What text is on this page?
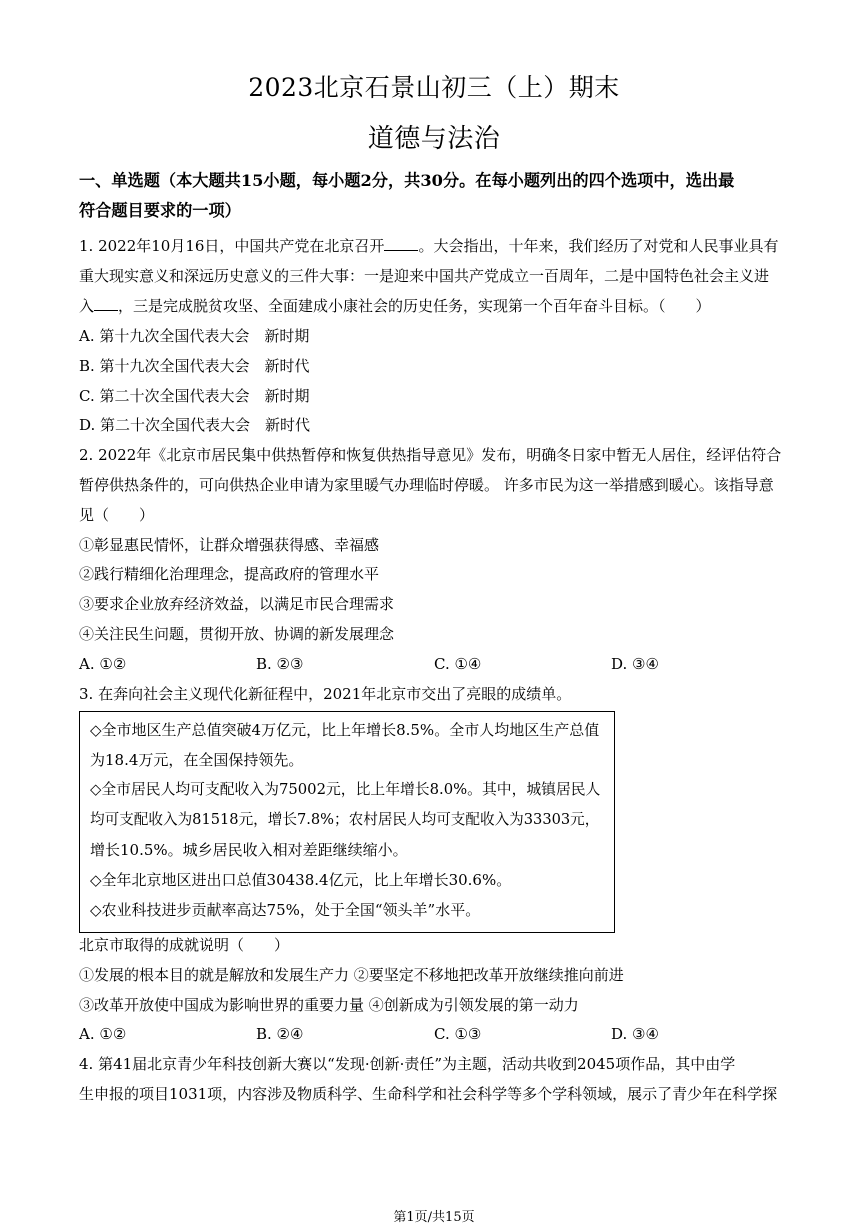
2023北京石景山初三（上）期末
道德与法治
一、单选题（本大题共15小题，每小题2分，共30分。在每小题列出的四个选项中，选出最
符合题目要求的一项）
1. 2022年10月16日，中国共产党在北京召开 。大会指出，十年来，我们经历了对党和人民事业具有
重大现实意义和深远历史意义的三件大事：一是迎来中国共产党成立一百周年，二是中国特色社会主义进
入 ，三是完成脱贫攻坚、全面建成小康社会的历史任务，实现第一个百年奋斗目标。（　　）
A. 第十九次全国代表大会　新时期
B. 第十九次全国代表大会　新时代
C. 第二十次全国代表大会　新时期
D. 第二十次全国代表大会　新时代
2. 2022年《北京市居民集中供热暂停和恢复供热指导意见》发布，明确冬日家中暂无人居住，经评估符合
暂停供热条件的，可向供热企业申请为家里暖气办理临时停暖。 许多市民为这一举措感到暖心。该指导意
见（　　）
①彰显惠民情怀，让群众增强获得感、幸福感
②践行精细化治理理念，提高政府的管理水平
③要求企业放弃经济效益，以满足市民合理需求
④关注民生问题，贯彻开放、协调的新发展理念
A. ①②	B. ②③	C. ①④	D. ③④
3. 在奔向社会主义现代化新征程中，2021年北京市交出了亮眼的成绩单。
◇全市地区生产总值突破4万亿元，比上年增长8.5%。全市人均地区生产总值
为18.4万元，在全国保持领先。
◇全市居民人均可支配收入为75002元，比上年增长8.0%。其中，城镇居民人
均可支配收入为81518元，增长7.8%；农村居民人均可支配收入为33303元，
增长10.5%。城乡居民收入相对差距继续缩小。
◇全年北京地区进出口总值30438.4亿元，比上年增长30.6%。
◇农业科技进步贡献率高达75%，处于全国“领头羊”水平。
北京市取得的成就说明（　　）
①发展的根本目的就是解放和发展生产力 ②要坚定不移地把改革开放继续推向前进
③改革开放使中国成为影响世界的重要力量 ④创新成为引领发展的第一动力
A. ①②	B. ②④	C. ①③	D. ③④
4. 第41届北京青少年科技创新大赛以“发现·创新·责任”为主题，活动共收到2045项作品，其中由学
生申报的项目1031项，内容涉及物质科学、生命科学和社会科学等多个学科领域，展示了青少年在科学探
第1页/共15页
